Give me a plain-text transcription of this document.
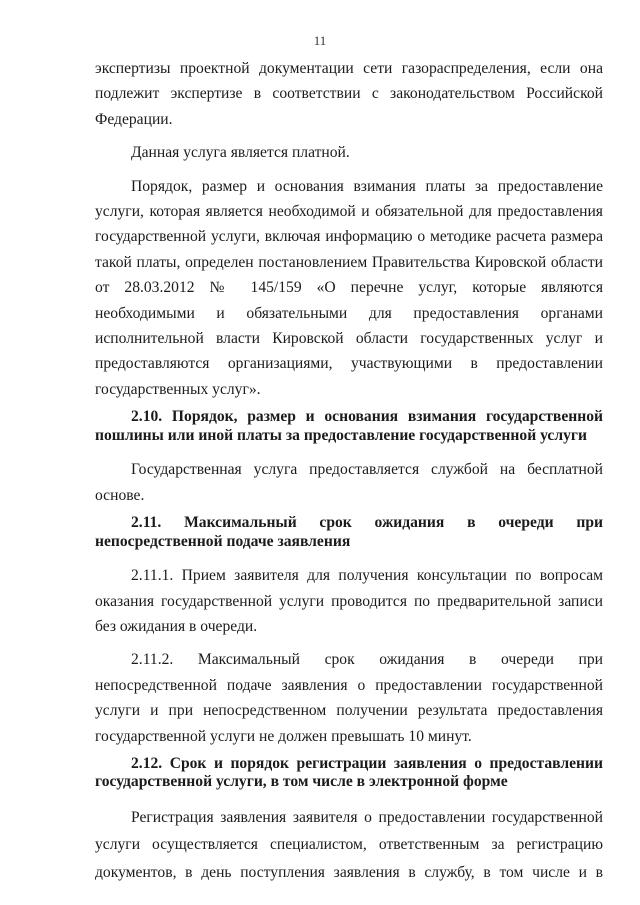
11

экспертизы проектной документации сети газораспределения, если она подлежит экспертизе в соответствии с законодательством Российской Федерации.

Данная услуга является платной.

Порядок, размер и основания взимания платы за предоставление услуги, которая является необходимой и обязательной для предоставления государственной услуги, включая информацию о методике расчета размера такой платы, определен постановлением Правительства Кировской области от 28.03.2012 № 145/159 «О перечне услуг, которые являются необходимыми и обязательными для предоставления органами исполнительной власти Кировской области государственных услуг и предоставляются организациями, участвующими в предоставлении государственных услуг».

2.10. Порядок, размер и основания взимания государственной пошлины или иной платы за предоставление государственной услуги

Государственная услуга предоставляется службой на бесплатной основе.

2.11. Максимальный срок ожидания в очереди при непосредственной подаче заявления

2.11.1. Прием заявителя для получения консультации по вопросам оказания государственной услуги проводится по предварительной записи без ожидания в очереди.

2.11.2. Максимальный срок ожидания в очереди при непосредственной подаче заявления о предоставлении государственной услуги и при непосредственном получении результата предоставления государственной услуги не должен превышать 10 минут.

2.12. Срок и порядок регистрации заявления о предоставлении государственной услуги, в том числе в электронной форме

Регистрация заявления заявителя о предоставлении государственной услуги осуществляется специалистом, ответственным за регистрацию документов, в день поступления заявления в службу, в том числе и в
